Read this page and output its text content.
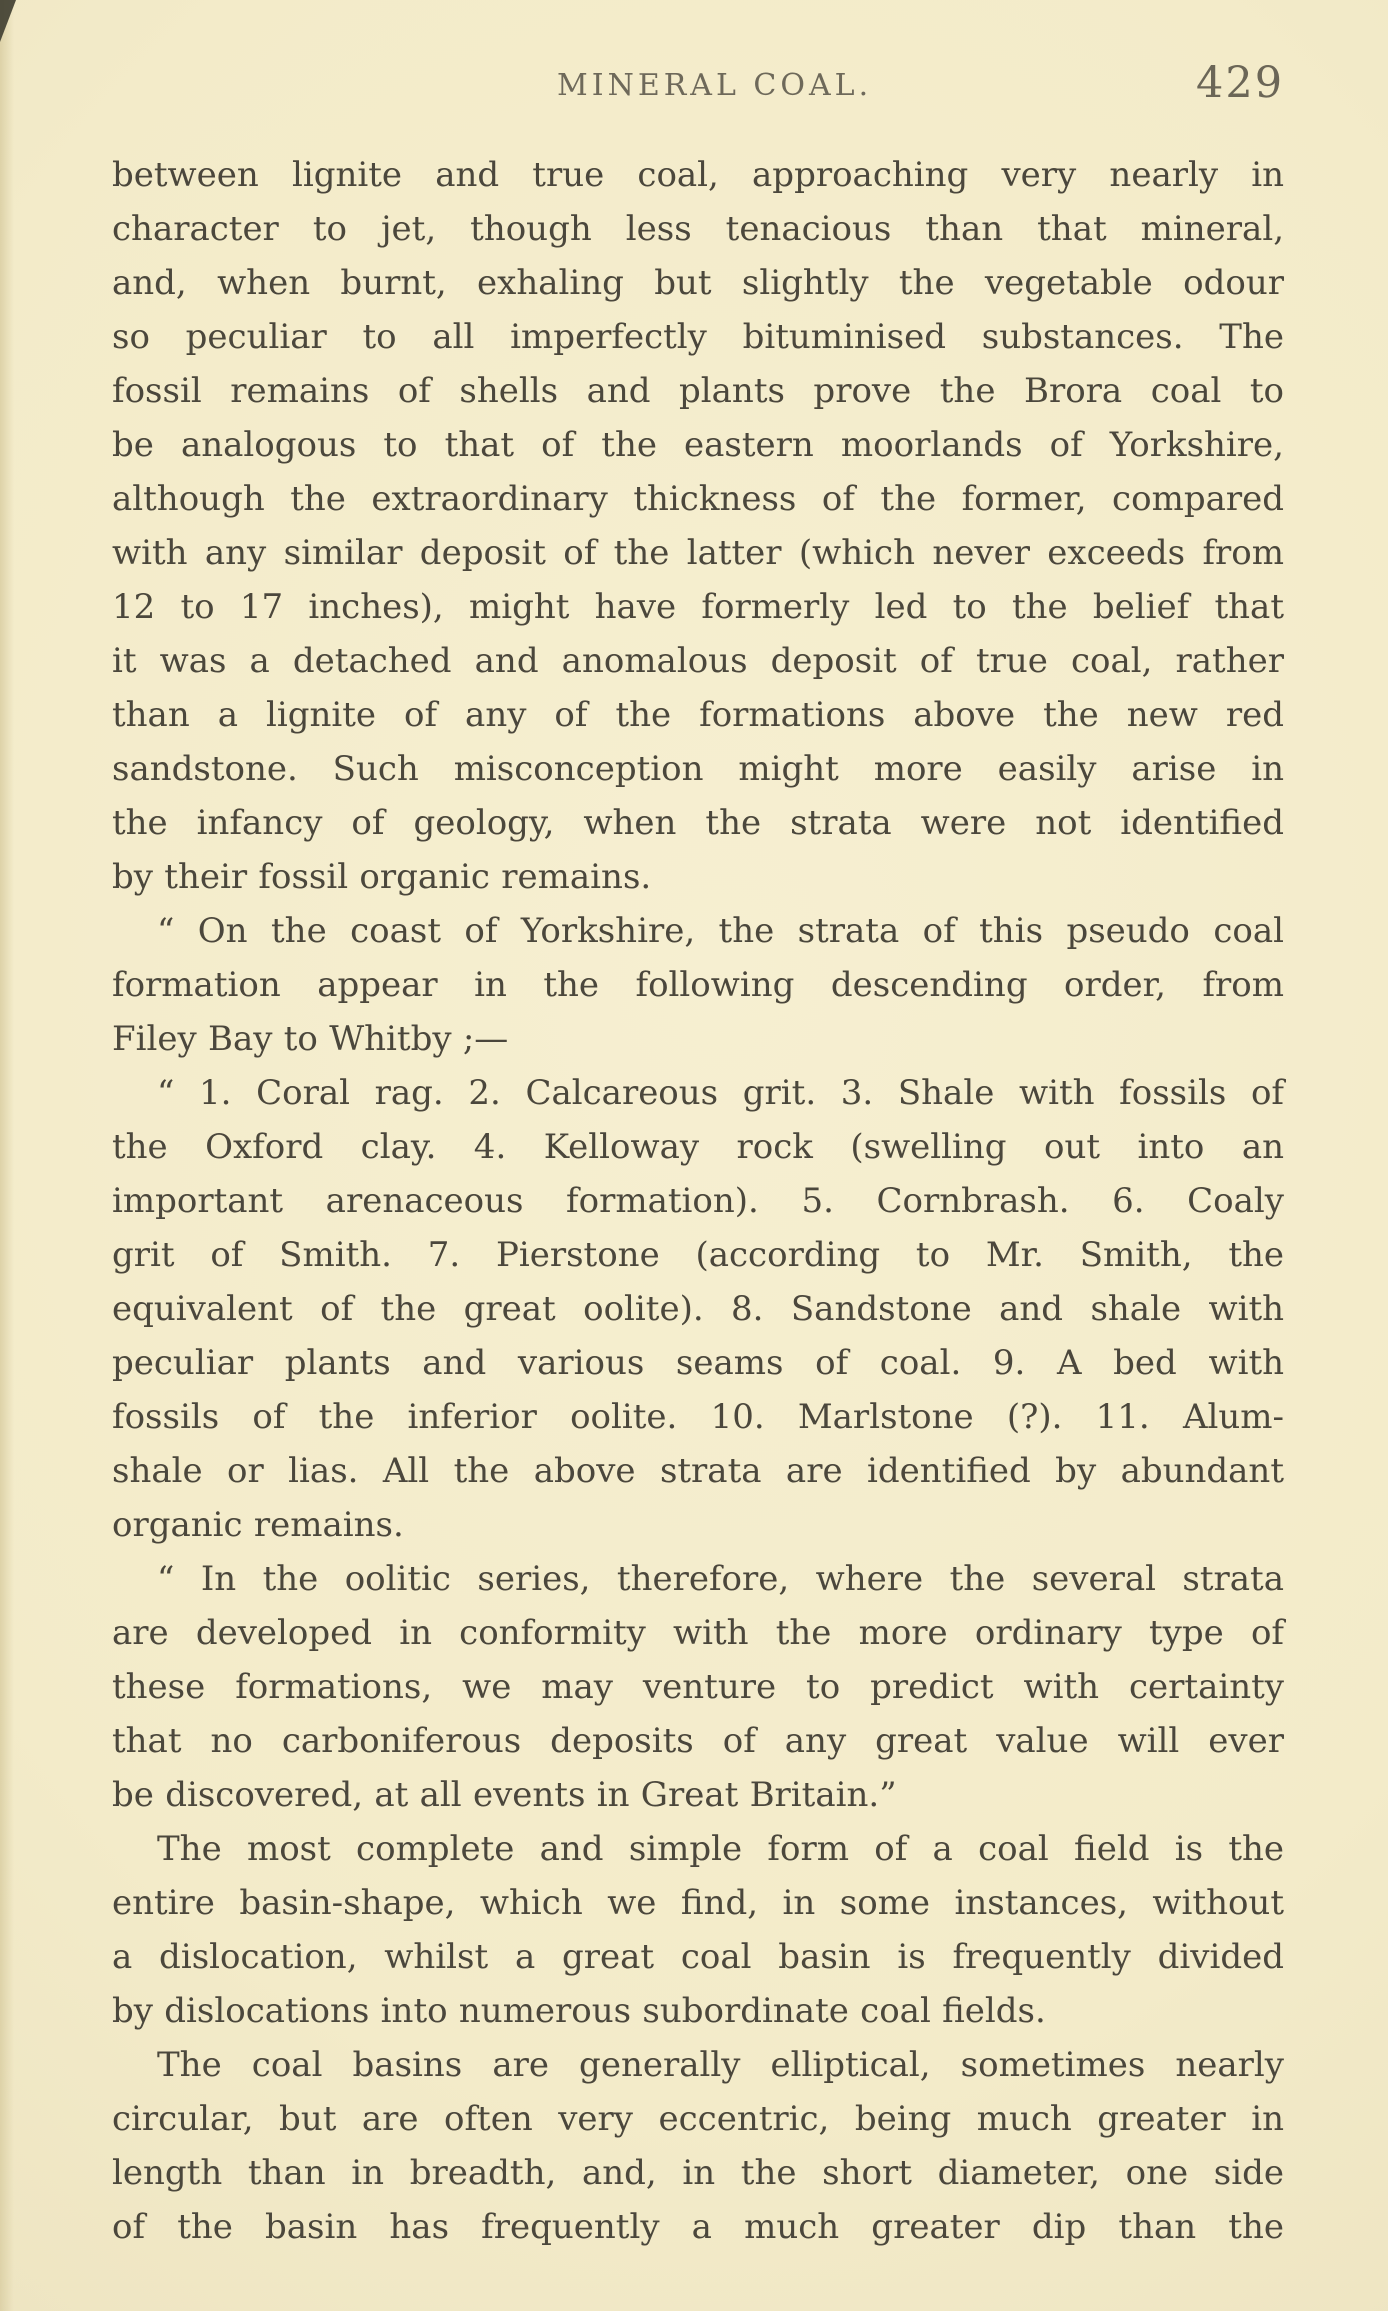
MINERAL COAL.	429
between lignite and true coal, approaching very nearly in
character to jet, though less tenacious than that mineral,
and, when burnt, exhaling but slightly the vegetable odour
so peculiar to all imperfectly bituminised substances. The
fossil remains of shells and plants prove the Brora coal to
be analogous to that of the eastern moorlands of Yorkshire,
although the extraordinary thickness of the former, compared
with any similar deposit of the latter (which never exceeds from
12 to 17 inches), might have formerly led to the belief that
it was a detached and anomalous deposit of true coal, rather
than a lignite of any of the formations above the new red
sandstone. Such misconception might more easily arise in
the infancy of geology, when the strata were not identified
by their fossil organic remains.
“ On the coast of Yorkshire, the strata of this pseudo coal
formation appear in the following descending order, from
Filey Bay to Whitby ;—
“ 1. Coral rag. 2. Calcareous grit. 3. Shale with fossils of
the Oxford clay. 4. Kelloway rock (swelling out into an
important arenaceous formation). 5. Cornbrash. 6. Coaly
grit of Smith. 7. Pierstone (according to Mr. Smith, the
equivalent of the great oolite). 8. Sandstone and shale with
peculiar plants and various seams of coal. 9. A bed with
fossils of the inferior oolite. 10. Marlstone (?). 11. Alum-
shale or lias. All the above strata are identified by abundant
organic remains.
“ In the oolitic series, therefore, where the several strata
are developed in conformity with the more ordinary type of
these formations, we may venture to predict with certainty
that no carboniferous deposits of any great value will ever
be discovered, at all events in Great Britain.”
The most complete and simple form of a coal field is the
entire basin-shape, which we find, in some instances, without
a dislocation, whilst a great coal basin is frequently divided
by dislocations into numerous subordinate coal fields.
The coal basins are generally elliptical, sometimes nearly
circular, but are often very eccentric, being much greater in
length than in breadth, and, in the short diameter, one side
of the basin has frequently a much greater dip than the
